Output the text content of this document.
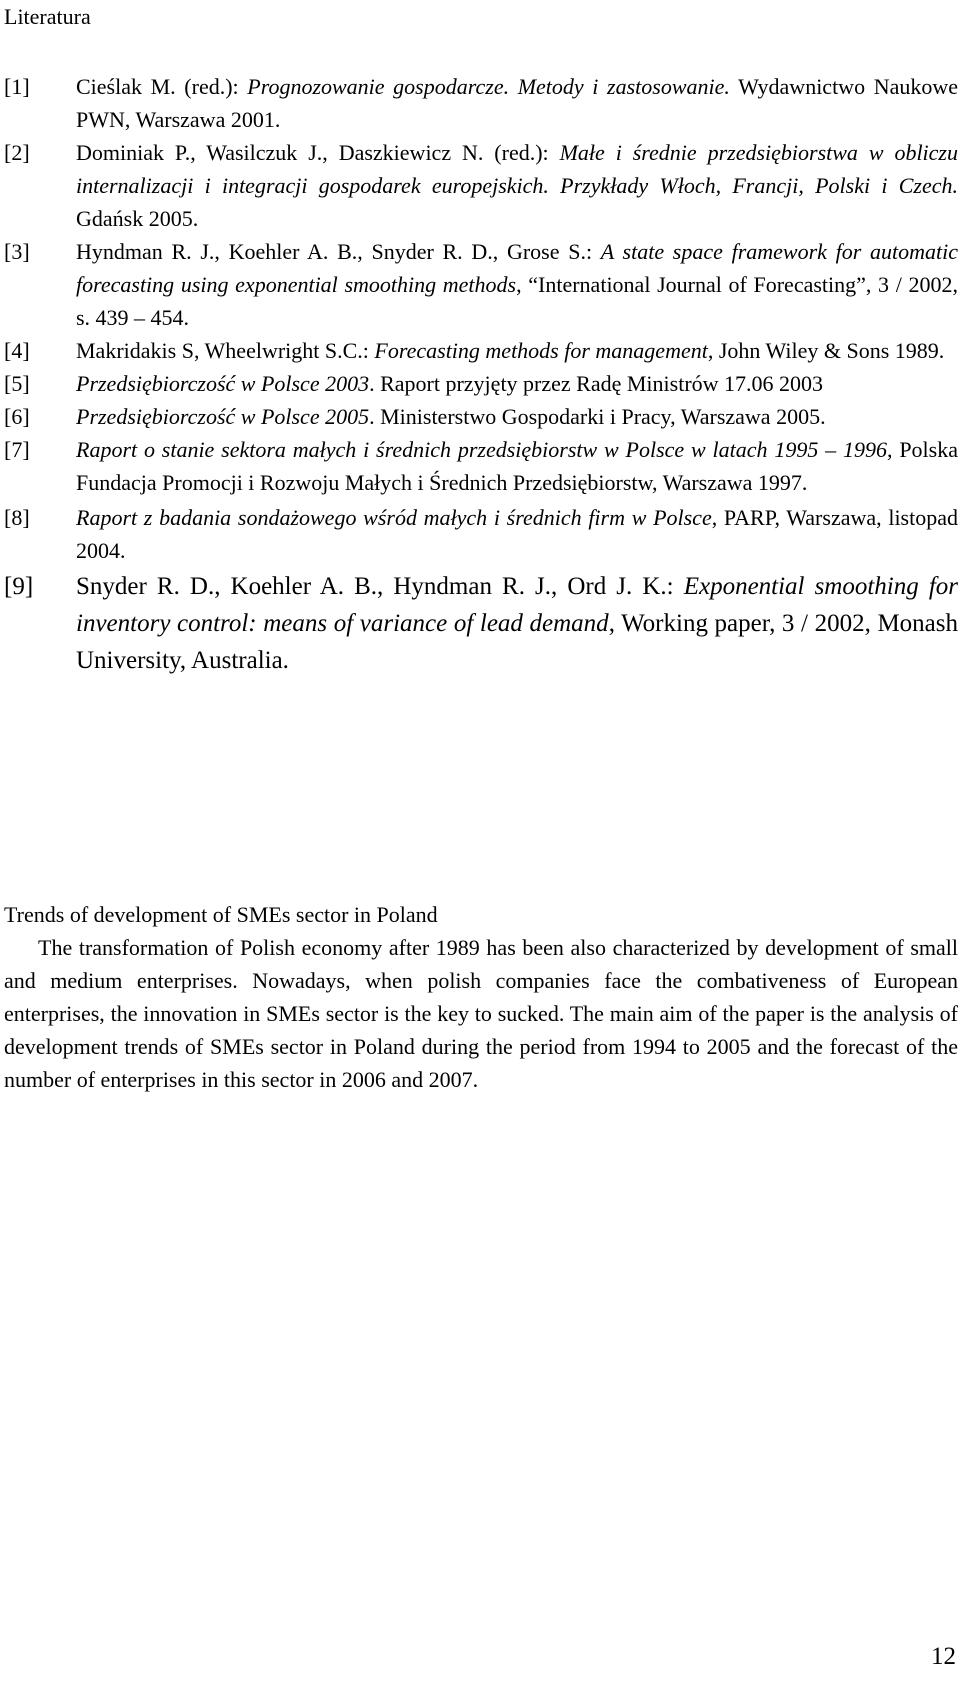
Literatura
[1] Cieślak M. (red.): Prognozowanie gospodarcze. Metody i zastosowanie. Wydawnictwo Naukowe PWN, Warszawa 2001.
[2] Dominiak P., Wasilczuk J., Daszkiewicz N. (red.): Małe i średnie przedsiębiorstwa w obliczu internalizacji i integracji gospodarek europejskich. Przykłady Włoch, Francji, Polski i Czech. Gdańsk 2005.
[3] Hyndman R. J., Koehler A. B., Snyder R. D., Grose S.: A state space framework for automatic forecasting using exponential smoothing methods, “International Journal of Forecasting”, 3 / 2002, s. 439 – 454.
[4] Makridakis S, Wheelwright S.C.: Forecasting methods for management, John Wiley & Sons 1989.
[5] Przedsiębiorczość w Polsce 2003. Raport przyjęty przez Radę Ministrów 17.06 2003
[6] Przedsiębiorczość w Polsce 2005. Ministerstwo Gospodarki i Pracy, Warszawa 2005.
[7] Raport o stanie sektora małych i średnich przedsiębiorstw w Polsce w latach 1995 – 1996, Polska Fundacja Promocji i Rozwoju Małych i Średnich Przedsiębiorstw, Warszawa 1997.
[8] Raport z badania sondażowego wśród małych i średnich firm w Polsce, PARP, Warszawa, listopad 2004.
[9] Snyder R. D., Koehler A. B., Hyndman R. J., Ord J. K.: Exponential smoothing for inventory control: means of variance of lead demand, Working paper, 3 / 2002, Monash University, Australia.

Trends of development of SMEs sector in Poland

The transformation of Polish economy after 1989 has been also characterized by development of small and medium enterprises. Nowadays, when polish companies face the combativeness of European enterprises, the innovation in SMEs sector is the key to sucked. The main aim of the paper is the analysis of development trends of SMEs sector in Poland during the period from 1994 to 2005 and the forecast of the number of enterprises in this sector in 2006 and 2007.

12
